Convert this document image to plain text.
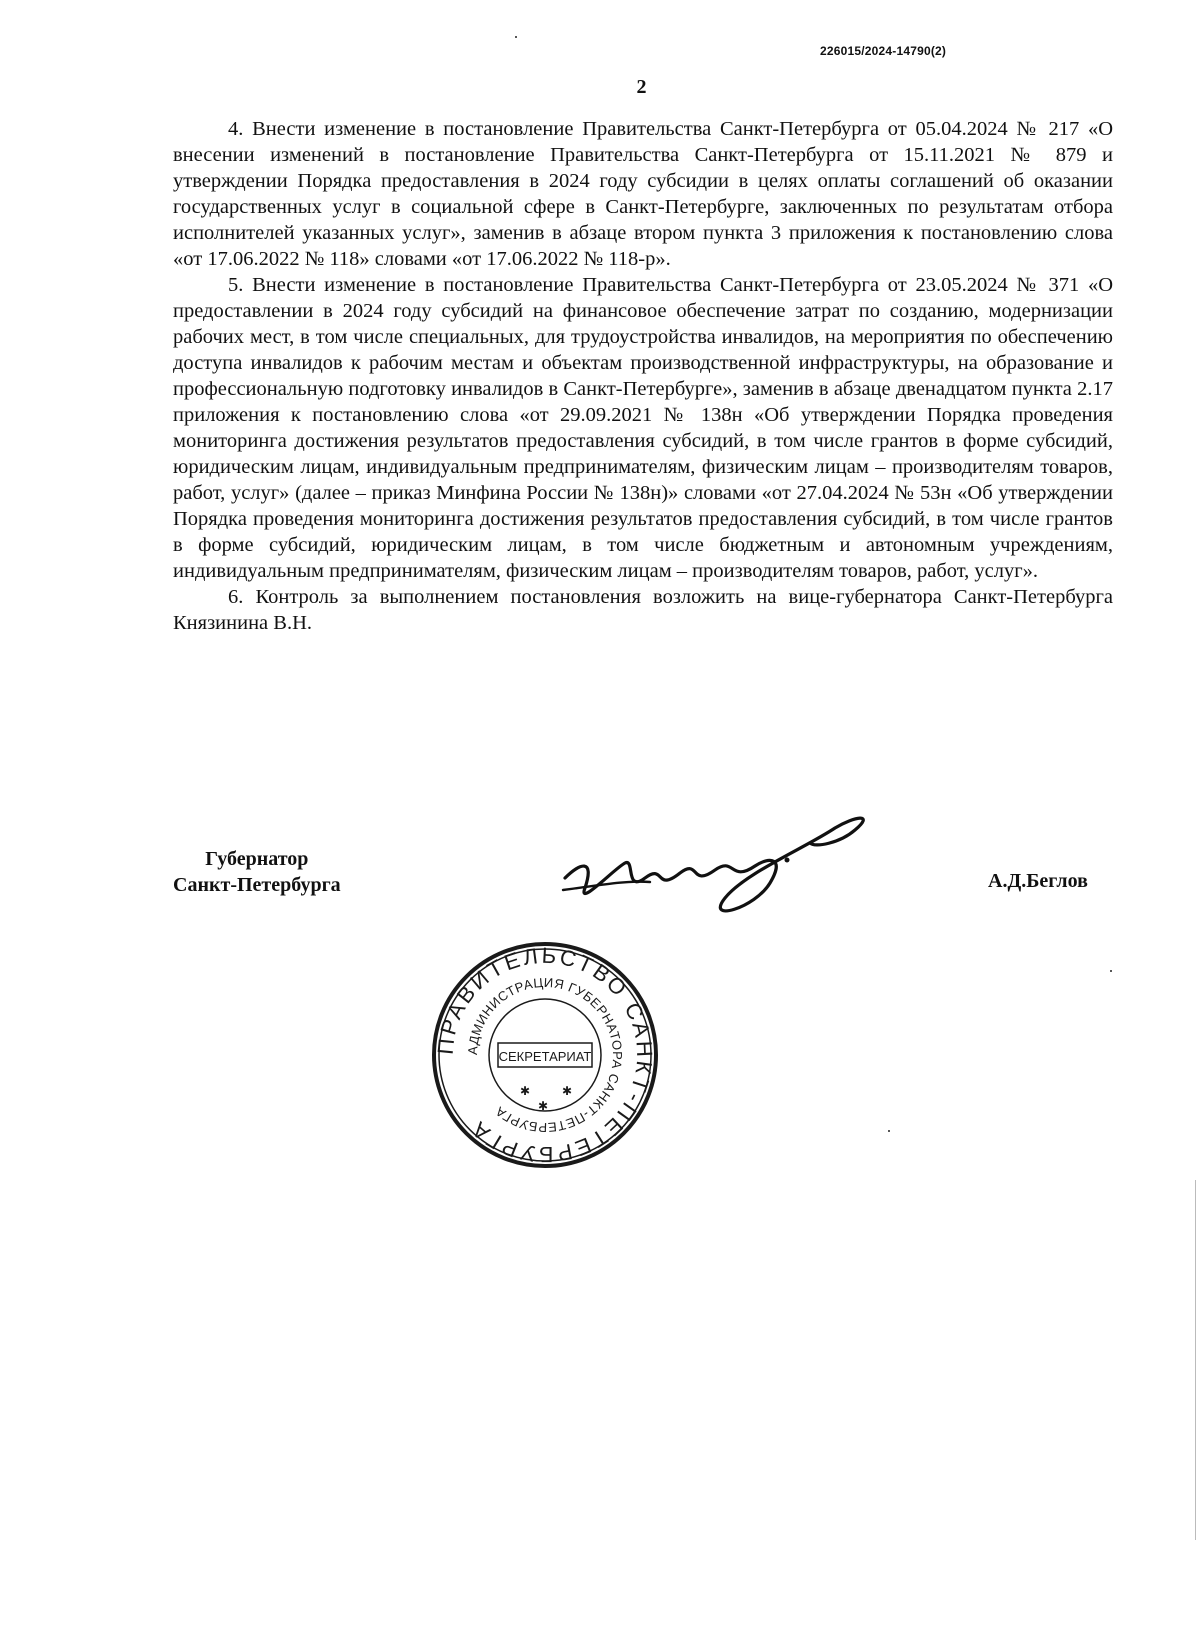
226015/2024-14790(2)
2

4. Внести изменение в постановление Правительства Санкт-Петербурга от 05.04.2024 № 217 «О внесении изменений в постановление Правительства Санкт-Петербурга от 15.11.2021 № 879 и утверждении Порядка предоставления в 2024 году субсидии в целях оплаты соглашений об оказании государственных услуг в социальной сфере в Санкт-Петербурге, заключенных по результатам отбора исполнителей указанных услуг», заменив в абзаце втором пункта 3 приложения к постановлению слова «от 17.06.2022 № 118» словами «от 17.06.2022 № 118-р».

5. Внести изменение в постановление Правительства Санкт-Петербурга от 23.05.2024 № 371 «О предоставлении в 2024 году субсидий на финансовое обеспечение затрат по созданию, модернизации рабочих мест, в том числе специальных, для трудоустройства инвалидов, на мероприятия по обеспечению доступа инвалидов к рабочим местам и объектам производственной инфраструктуры, на образование и профессиональную подготовку инвалидов в Санкт-Петербурге», заменив в абзаце двенадцатом пункта 2.17 приложения к постановлению слова «от 29.09.2021 № 138н «Об утверждении Порядка проведения мониторинга достижения результатов предоставления субсидий, в том числе грантов в форме субсидий, юридическим лицам, индивидуальным предпринимателям, физическим лицам – производителям товаров, работ, услуг» (далее – приказ Минфина России № 138н)» словами «от 27.04.2024 № 53н «Об утверждении Порядка проведения мониторинга достижения результатов предоставления субсидий, в том числе грантов в форме субсидий, юридическим лицам, в том числе бюджетным и автономным учреждениям, индивидуальным предпринимателям, физическим лицам – производителям товаров, работ, услуг».

6. Контроль за выполнением постановления возложить на вице-губернатора Санкт-Петербурга Князинина В.Н.

Губернатор
Санкт-Петербурга	А.Д.Беглов
ПРАВИТЕЛЬСТВО САНКТ-ПЕТЕРБУРГА
АДМИНИСТРАЦИЯ ГУБЕРНАТОРА САНКТ-ПЕТЕРБУРГА
СЕКРЕТАРИАТ
✱	✱
✱
